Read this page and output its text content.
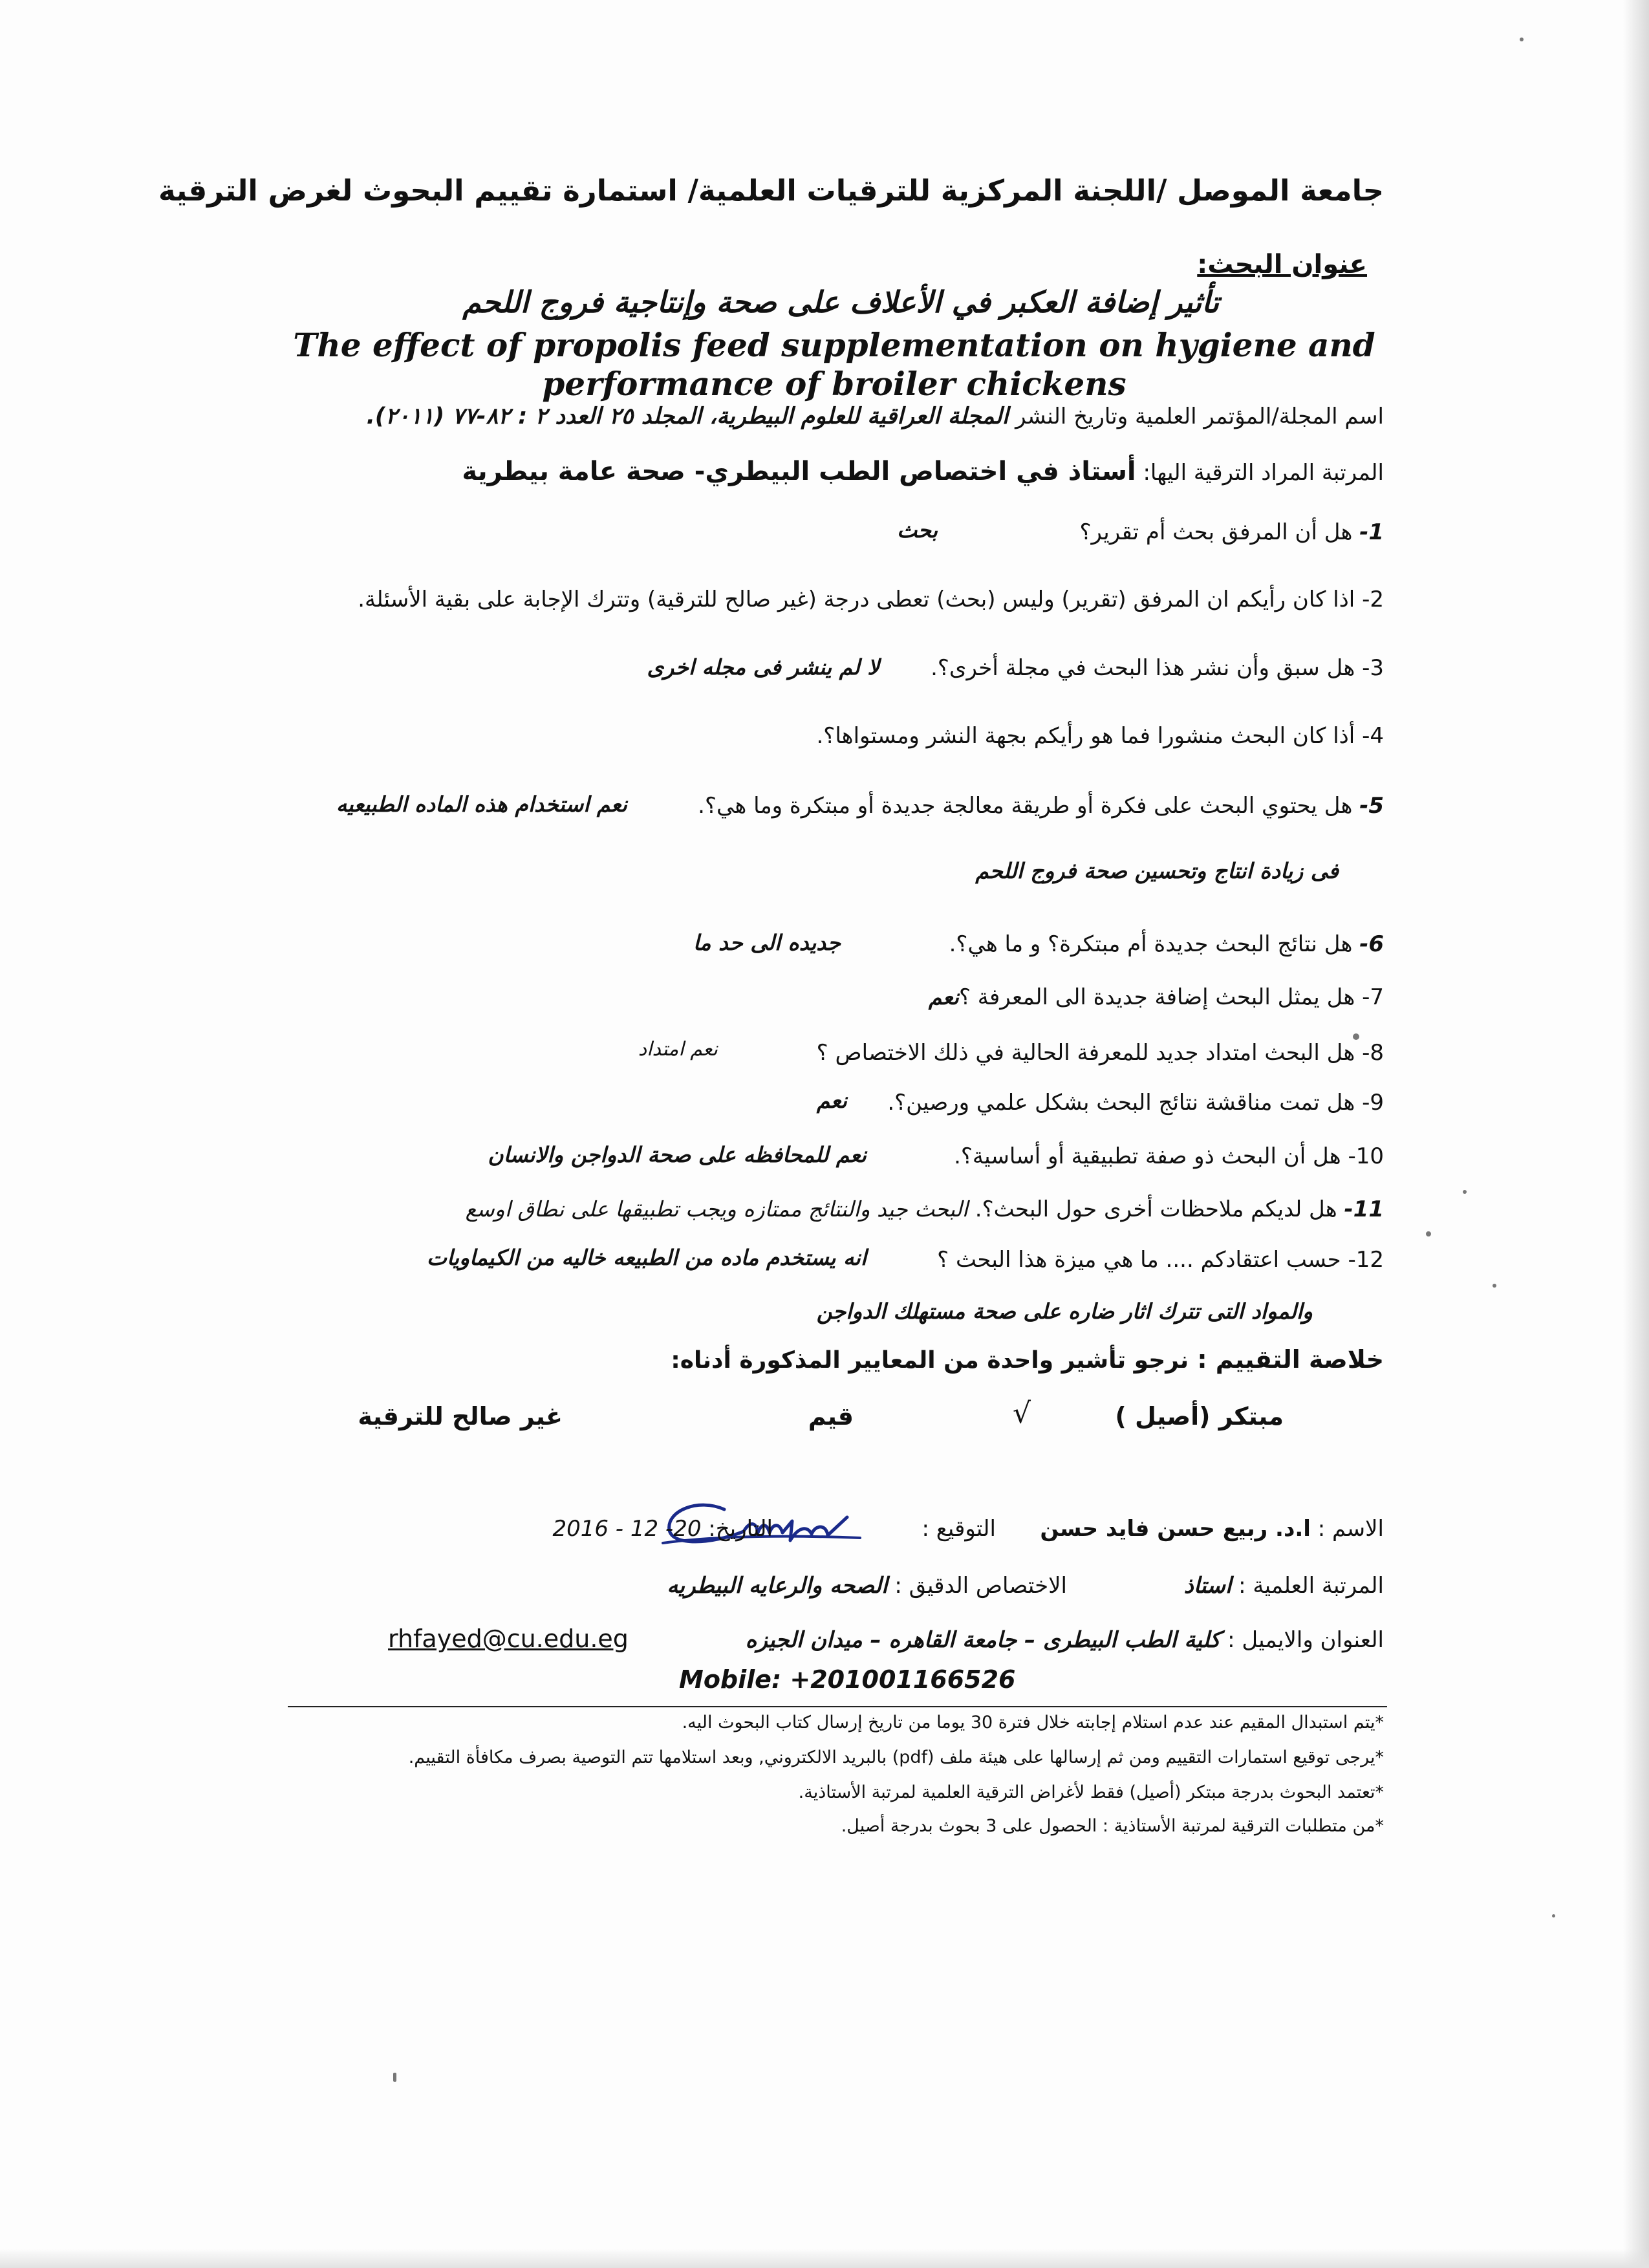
جامعة الموصل /اللجنة المركزية للترقيات العلمية/ استمارة تقييم البحوث لغرض الترقية
عنوان البحث:
تأثير إضافة العكبر في الأعلاف على صحة وإنتاجية فروج اللحم
The effect of propolis feed supplementation on hygiene and performance of broiler chickens
اسم المجلة/المؤتمر العلمية وتاريخ النشر المجلة العراقية للعلوم البيطرية، المجلد ٢٥ العدد ٢ : ٨٢-٧٧ (٢٠١١).
المرتبة المراد الترقية اليها: أستاذ في اختصاص الطب البيطري- صحة عامة بيطرية
1- هل أن المرفق بحث أم تقرير؟
بحث
2- اذا كان رأيكم ان المرفق (تقرير) وليس (بحث) تعطى درجة (غير صالح للترقية) وتترك الإجابة على بقية الأسئلة.
3- هل سبق وأن نشر هذا البحث في مجلة أخرى؟.
لا لم ينشر فى مجله اخرى
4- أذا كان البحث منشورا فما هو رأيكم بجهة النشر ومستواها؟.
5- هل يحتوي البحث على فكرة أو طريقة معالجة جديدة أو مبتكرة وما هي؟.
نعم استخدام هذه الماده الطبيعيه
فى زيادة انتاج وتحسين صحة فروج اللحم
6- هل نتائج البحث جديدة أم مبتكرة؟ و ما هي؟.
جديده الى حد ما
7- هل يمثل البحث إضافة جديدة الى المعرفة ؟نعم
8- هل البحث امتداد جديد للمعرفة الحالية في ذلك الاختصاص ؟
نعم امتداد
9- هل تمت مناقشة نتائج البحث بشكل علمي ورصين؟.
نعم
10- هل أن البحث ذو صفة تطبيقية أو أساسية؟.
نعم للمحافظه على صحة الدواجن والانسان
11- هل لديكم ملاحظات أخرى حول البحث؟. البحث جيد والنتائج ممتازه ويجب تطبيقها على نطاق اوسع
12- حسب اعتقادكم .... ما هي ميزة هذا البحث ؟
انه يستخدم ماده من الطبيعه خاليه من الكيماويات
والمواد التى تترك اثار ضاره على صحة مستهلك الدواجن
خلاصة التقييم : نرجو تأشير واحدة من المعايير المذكورة أدناه:
مبتكر (أصيل )
√
قيم
غير صالح للترقية
الاسم : ا.د. ربيع حسن فايد حسن
التوقيع :
التاريخ: 20- 12 - 2016
المرتبة العلمية : استاذ
الاختصاص الدقيق : الصحه والرعايه البيطريه
العنوان والايميل : كلية الطب البيطرى – جامعة القاهره – ميدان الجيزه
rhfayed@cu.edu.eg
Mobile: +201001166526
*يتم استبدال المقيم عند عدم استلام إجابته خلال فترة 30 يوما من تاريخ إرسال كتاب البحوث اليه.
*يرجى توقيع استمارات التقييم ومن ثم إرسالها على هيئة ملف (pdf) بالبريد الالكتروني, وبعد استلامها تتم التوصية بصرف مكافأة التقييم.
*تعتمد البحوث بدرجة مبتكر (أصيل) فقط لأغراض الترقية العلمية لمرتبة الأستاذية.
*من متطلبات الترقية لمرتبة الأستاذية : الحصول على 3 بحوث بدرجة أصيل.
